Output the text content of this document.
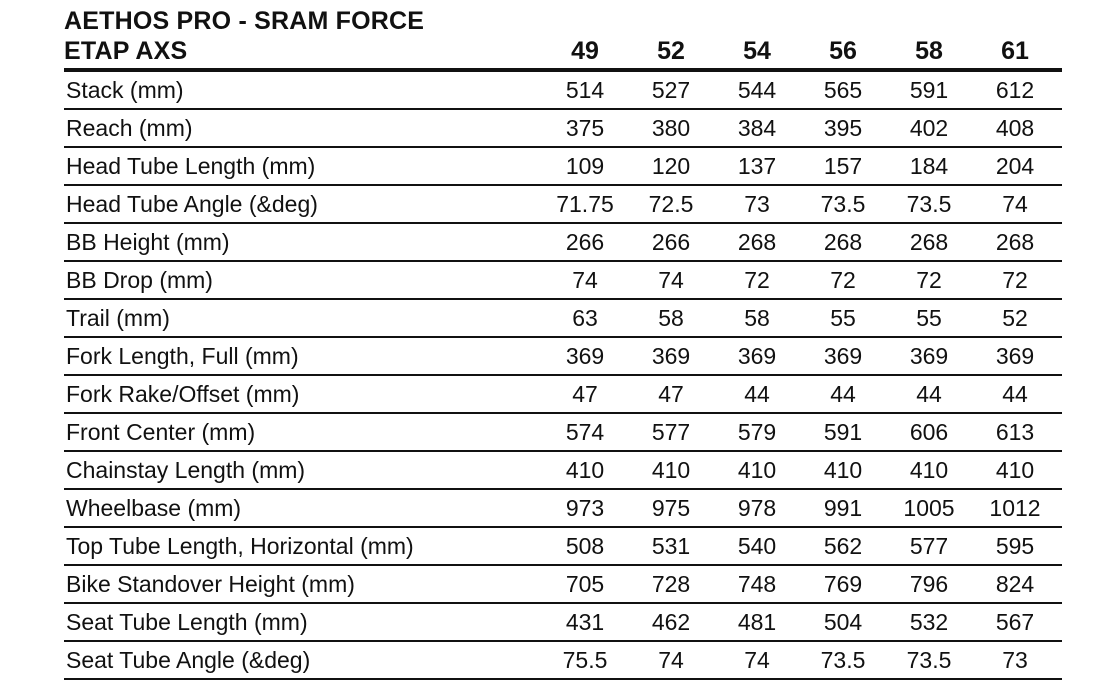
AETHOS PRO - SRAM FORCE
ETAP AXS	49	52	54	56	58	61
Stack (mm)	514	527	544	565	591	612
Reach (mm)	375	380	384	395	402	408
Head Tube Length (mm)	109	120	137	157	184	204
Head Tube Angle (&deg)	71.75	72.5	73	73.5	73.5	74
BB Height (mm)	266	266	268	268	268	268
BB Drop (mm)	74	74	72	72	72	72
Trail (mm)	63	58	58	55	55	52
Fork Length, Full (mm)	369	369	369	369	369	369
Fork Rake/Offset (mm)	47	47	44	44	44	44
Front Center (mm)	574	577	579	591	606	613
Chainstay Length (mm)	410	410	410	410	410	410
Wheelbase (mm)	973	975	978	991	1005	1012
Top Tube Length, Horizontal (mm)	508	531	540	562	577	595
Bike Standover Height (mm)	705	728	748	769	796	824
Seat Tube Length (mm)	431	462	481	504	532	567
Seat Tube Angle (&deg)	75.5	74	74	73.5	73.5	73
